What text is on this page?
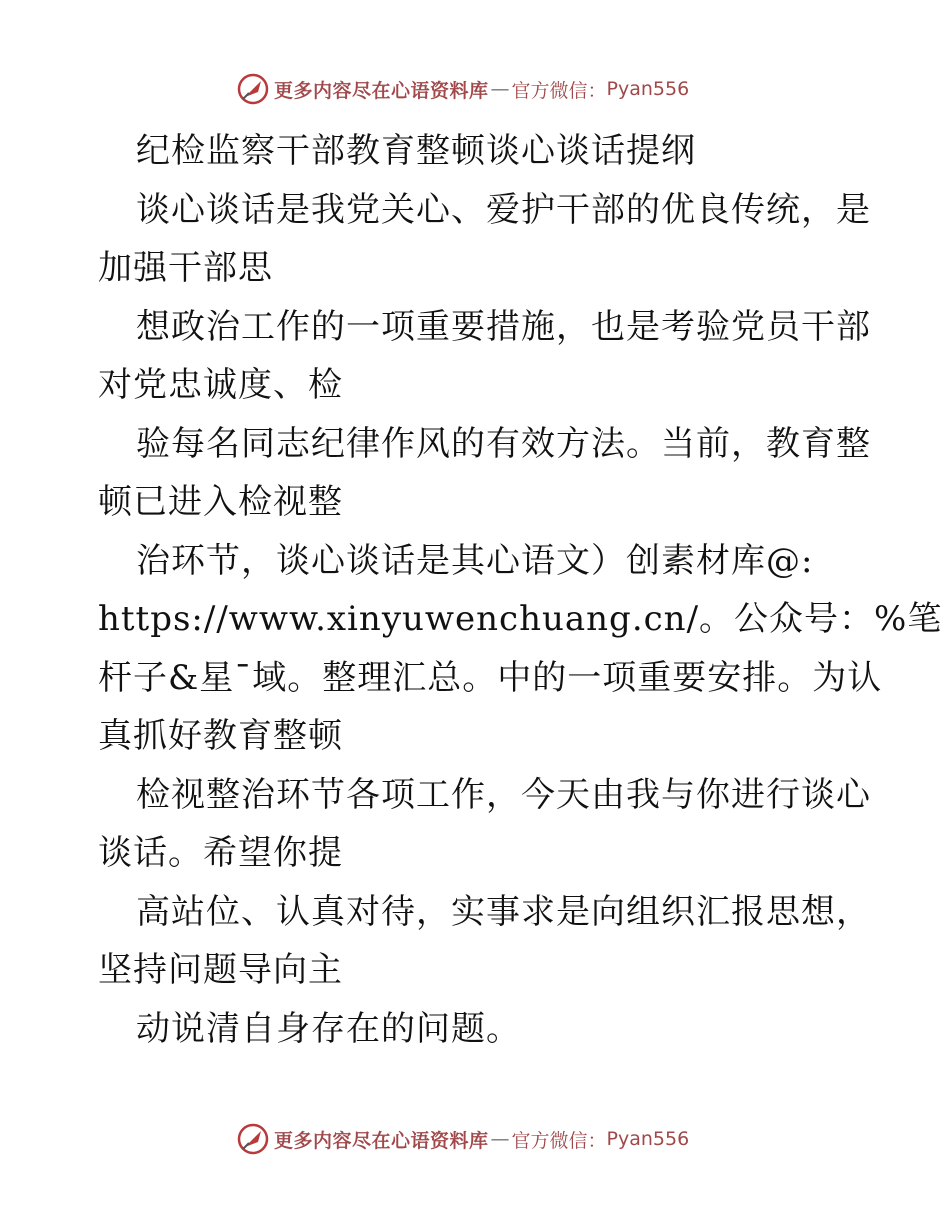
更多内容尽在心语资料库 — 官方微信： Pyan556
纪检监察干部教育整顿谈心谈话提纲
谈心谈话是我党关心、爱护干部的优良传统，是
加强干部思
想政治工作的一项重要措施，也是考验党员干部
对党忠诚度、检
验每名同志纪律作风的有效方法。当前，教育整
顿已进入检视整
治环节，谈心谈话是其心语文）创素材库@:
https://www.xinyuwenchuang.cn/。公众号：%笔
杆子&星¯域。整理汇总。中的一项重要安排。为认
真抓好教育整顿
检视整治环节各项工作，今天由我与你进行谈心
谈话。希望你提
高站位、认真对待，实事求是向组织汇报思想，
坚持问题导向主
动说清自身存在的问题。
更多内容尽在心语资料库 — 官方微信： Pyan556
